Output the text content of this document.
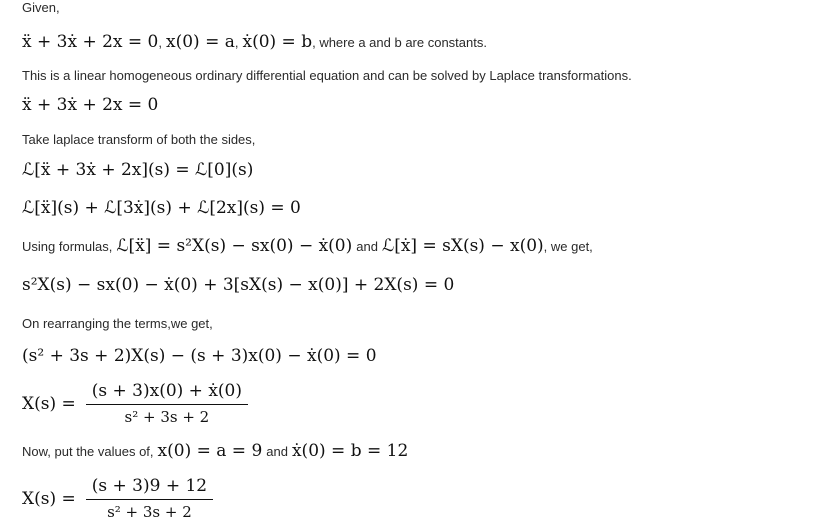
Given,
ẍ + 3ẋ + 2x = 0, x(0) = a, ẋ(0) = b, where a and b are constants.
This is a linear homogeneous ordinary differential equation and can be solved by Laplace transformations.
ẍ + 3ẋ + 2x = 0
Take laplace transform of both the sides,
ℒ[ẍ + 3ẋ + 2x](s) = ℒ[0](s)
ℒ[ẍ](s) + ℒ[3ẋ](s) + ℒ[2x](s) = 0
Using formulas, ℒ[ẍ] = s²X(s) − sx(0) − ẋ(0) and ℒ[ẋ] = sX(s) − x(0), we get,
s²X(s) − sx(0) − ẋ(0) + 3[sX(s) − x(0)] + 2X(s) = 0
On rearranging the terms,we get,
(s² + 3s + 2)X(s) − (s + 3)x(0) − ẋ(0) = 0
$X(s) = \frac{\text{(s + 3)x(0) + ẋ(0)}}{\text{s² + 3s + 2}}$
Now, put the values of, x(0) = a = 9 and ẋ(0) = b = 12
$X(s) = \frac{(s + 3)9 + 12}{\text{s² + 3s + 2}}$
